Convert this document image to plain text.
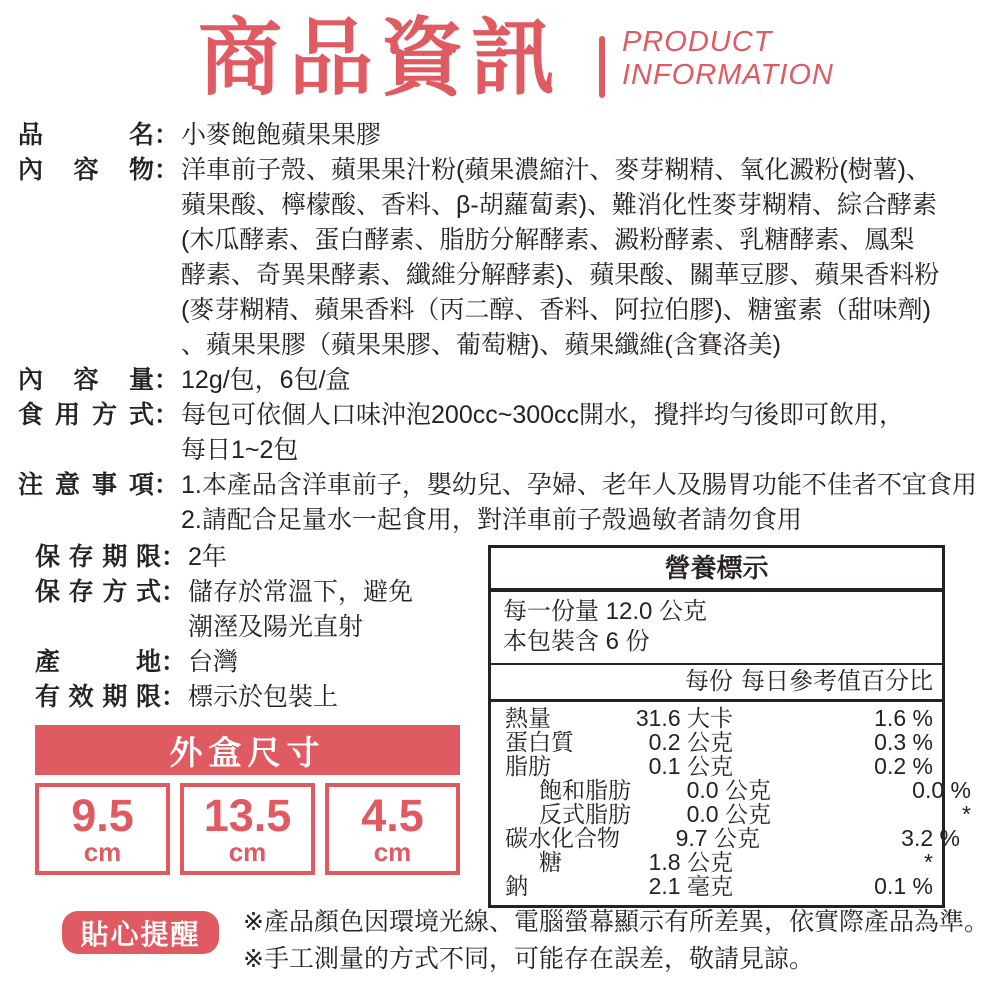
商品資訊 PRODUCT
INFORMATION
品名 ： 小麥飽飽蘋果果膠
內容物 ： 洋車前子殼、蘋果果汁粉(蘋果濃縮汁、麥芽糊精、氧化澱粉(樹薯)、
蘋果酸、檸檬酸、香料、β-胡蘿蔔素)、難消化性麥芽糊精、綜合酵素
(木瓜酵素、蛋白酵素、脂肪分解酵素、澱粉酵素、乳糖酵素、鳳梨
酵素、奇異果酵素、纖維分解酵素)、蘋果酸、關華豆膠、蘋果香料粉
(麥芽糊精、蘋果香料（丙二醇、香料、阿拉伯膠)、糖蜜素（甜味劑)
、蘋果果膠（蘋果果膠、葡萄糖)、蘋果纖維(含賽洛美)
內容量 ： 12g/包，6包/盒
食用方式 ： 每包可依個人口味沖泡200cc~300cc開水，攪拌均勻後即可飲用，
每日1~2包
注意事項 ： 1.本產品含洋車前子，嬰幼兒、孕婦、老年人及腸胃功能不佳者不宜食用
2.請配合足量水一起食用，對洋車前子殼過敏者請勿食用
保存期限 ： 2年
保存方式 ： 儲存於常溫下，避免
潮溼及陽光直射
產地 ： 台灣
有效期限 ： 標示於包裝上
外盒尺寸
9.5
cm
13.5
cm
4.5
cm
營養標示
每一份量 12.0 公克
本包裝含 6 份
每份 每日參考值百分比
熱量	31.6 大卡	1.6 %
蛋白質	0.2 公克	0.3 %
脂肪	0.1 公克	0.2 %
飽和脂肪	0.0 公克	0.0 %
反式脂肪	0.0 公克	*
碳水化合物	9.7 公克	3.2 %
糖	1.8 公克	*
鈉	2.1 毫克	0.1 %
貼心提醒	※產品顏色因環境光線、電腦螢幕顯示有所差異，依實際產品為準。
※手工測量的方式不同，可能存在誤差，敬請見諒。
